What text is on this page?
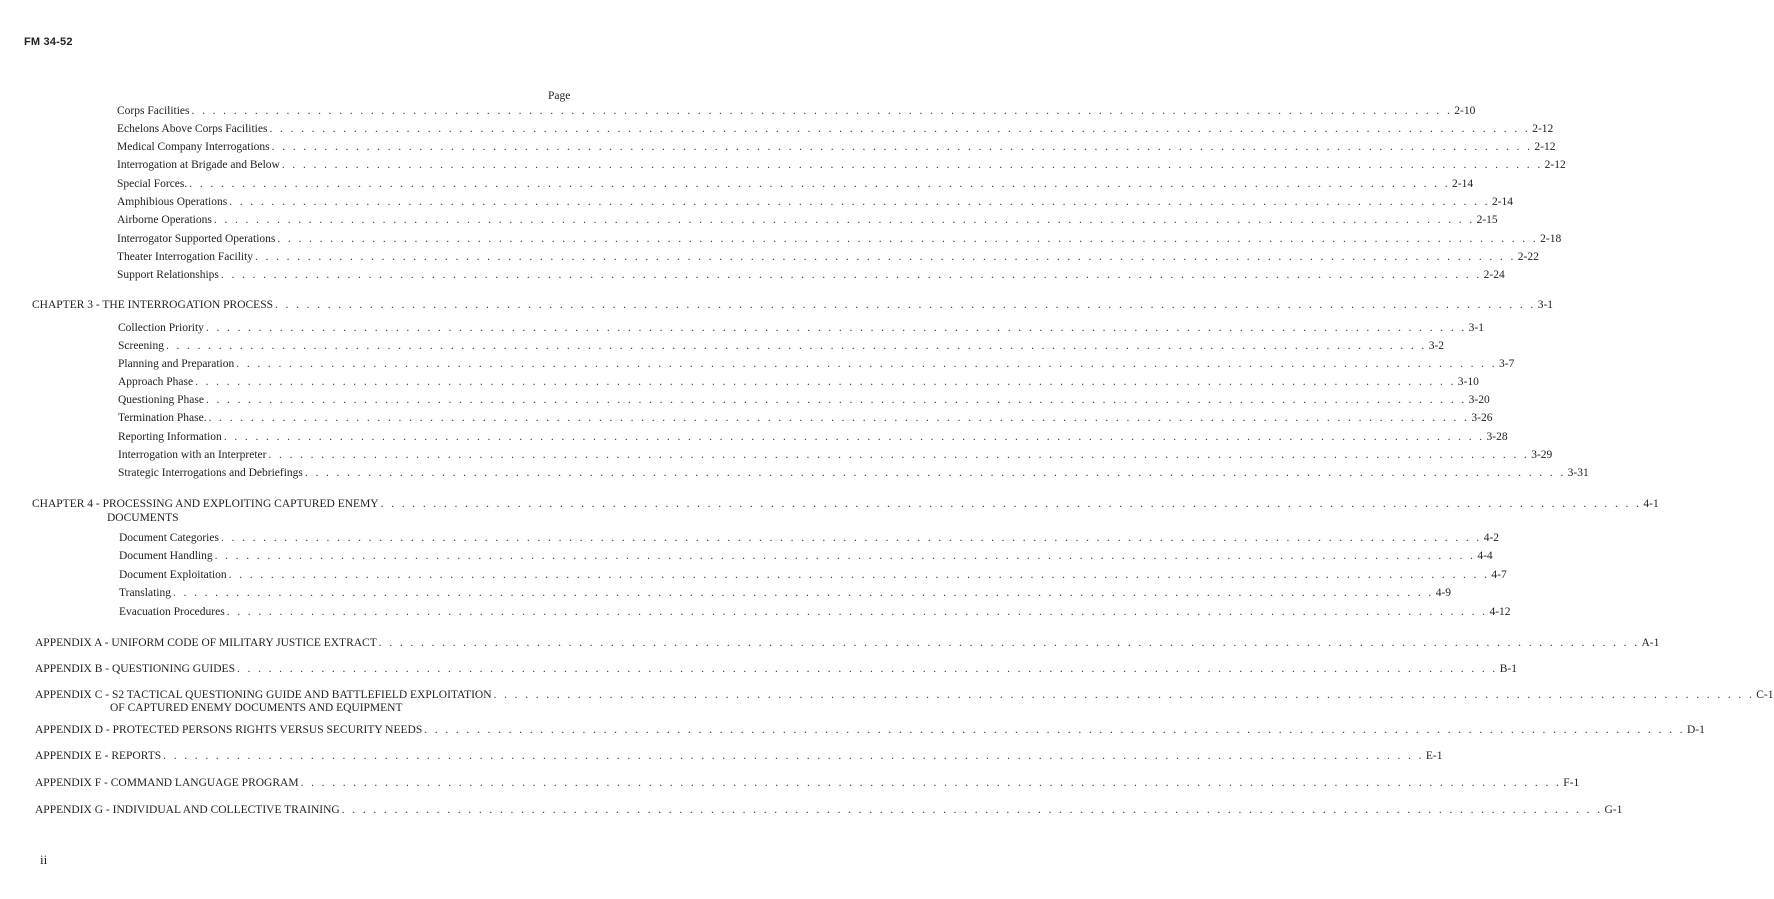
FM 34-52
Page
Corps Facilities . . . . . . . . . . . . . . . . . . . . . . . . . . . . . . . . . . . . . . . . . . . . . . . . . . . . . . . . . . . . . . . . . . . . . . . . . . . . . . . . . . . . . . . . . . . . . . . . . . . . . . . . . . . . . . . . . . . . . . . . 2-10
Echelons Above Corps Facilities . . . . . . . . . . . . . . . . . . . . . . . . . . . . . . . . . . . . . . . . . . . . . . . . . . . . . . . . . . . . . . . . . . . . . . . . . . . . . . . . . . . . . . . . . . . . . . . . . . . . . . . . . . . . . . . . . . . . . . . . 2-12
Medical Company Interrogations . . . . . . . . . . . . . . . . . . . . . . . . . . . . . . . . . . . . . . . . . . . . . . . . . . . . . . . . . . . . . . . . . . . . . . . . . . . . . . . . . . . . . . . . . . . . . . . . . . . . . . . . . . . . . . . . . . . . . . . . 2-12
Interrogation at Brigade and Below . . . . . . . . . . . . . . . . . . . . . . . . . . . . . . . . . . . . . . . . . . . . . . . . . . . . . . . . . . . . . . . . . . . . . . . . . . . . . . . . . . . . . . . . . . . . . . . . . . . . . . . . . . . . . . . . . . . . . . . . 2-12
Special Forces. . . . . . . . . . . . . . . . . . . . . . . . . . . . . . . . . . . . . . . . . . . . . . . . . . . . . . . . . . . . . . . . . . . . . . . . . . . . . . . . . . . . . . . . . . . . . . . . . . . . . . . . . . . . . . . . . . . . . . . . . 2-14
Amphibious Operations . . . . . . . . . . . . . . . . . . . . . . . . . . . . . . . . . . . . . . . . . . . . . . . . . . . . . . . . . . . . . . . . . . . . . . . . . . . . . . . . . . . . . . . . . . . . . . . . . . . . . . . . . . . . . . . . . . . . . . . . 2-14
Airborne Operations . . . . . . . . . . . . . . . . . . . . . . . . . . . . . . . . . . . . . . . . . . . . . . . . . . . . . . . . . . . . . . . . . . . . . . . . . . . . . . . . . . . . . . . . . . . . . . . . . . . . . . . . . . . . . . . . . . . . . . . . 2-15
Interrogator Supported Operations . . . . . . . . . . . . . . . . . . . . . . . . . . . . . . . . . . . . . . . . . . . . . . . . . . . . . . . . . . . . . . . . . . . . . . . . . . . . . . . . . . . . . . . . . . . . . . . . . . . . . . . . . . . . . . . . . . . . . . . . 2-18
Theater Interrogation Facility . . . . . . . . . . . . . . . . . . . . . . . . . . . . . . . . . . . . . . . . . . . . . . . . . . . . . . . . . . . . . . . . . . . . . . . . . . . . . . . . . . . . . . . . . . . . . . . . . . . . . . . . . . . . . . . . . . . . . . . . 2-22
Support Relationships . . . . . . . . . . . . . . . . . . . . . . . . . . . . . . . . . . . . . . . . . . . . . . . . . . . . . . . . . . . . . . . . . . . . . . . . . . . . . . . . . . . . . . . . . . . . . . . . . . . . . . . . . . . . . . . . . . . . . . . . 2-24
CHAPTER 3 - THE INTERROGATION PROCESS . . . . . . . . . . . . . . . . . . . . . . . . . . . . . . . . . . . . . . . . . . . . . . . . . . . . . . . . . . . . . . . . . . . . . . . . . . . . . . . . . . . . . . . . . . . . . . . . . . . . . . . . . . . . . . . . . . . . . . . . 3-1
Collection Priority . . . . . . . . . . . . . . . . . . . . . . . . . . . . . . . . . . . . . . . . . . . . . . . . . . . . . . . . . . . . . . . . . . . . . . . . . . . . . . . . . . . . . . . . . . . . . . . . . . . . . . . . . . . . . . . . . . . . . . . . 3-1
Screening . . . . . . . . . . . . . . . . . . . . . . . . . . . . . . . . . . . . . . . . . . . . . . . . . . . . . . . . . . . . . . . . . . . . . . . . . . . . . . . . . . . . . . . . . . . . . . . . . . . . . . . . . . . . . . . . . . . . . . . . 3-2
Planning and Preparation . . . . . . . . . . . . . . . . . . . . . . . . . . . . . . . . . . . . . . . . . . . . . . . . . . . . . . . . . . . . . . . . . . . . . . . . . . . . . . . . . . . . . . . . . . . . . . . . . . . . . . . . . . . . . . . . . . . . . . . . 3-7
Approach Phase . . . . . . . . . . . . . . . . . . . . . . . . . . . . . . . . . . . . . . . . . . . . . . . . . . . . . . . . . . . . . . . . . . . . . . . . . . . . . . . . . . . . . . . . . . . . . . . . . . . . . . . . . . . . . . . . . . . . . . . . 3-10
Questioning Phase . . . . . . . . . . . . . . . . . . . . . . . . . . . . . . . . . . . . . . . . . . . . . . . . . . . . . . . . . . . . . . . . . . . . . . . . . . . . . . . . . . . . . . . . . . . . . . . . . . . . . . . . . . . . . . . . . . . . . . . . 3-20
Termination Phase. . . . . . . . . . . . . . . . . . . . . . . . . . . . . . . . . . . . . . . . . . . . . . . . . . . . . . . . . . . . . . . . . . . . . . . . . . . . . . . . . . . . . . . . . . . . . . . . . . . . . . . . . . . . . . . . . . . . . . . . . 3-26
Reporting Information . . . . . . . . . . . . . . . . . . . . . . . . . . . . . . . . . . . . . . . . . . . . . . . . . . . . . . . . . . . . . . . . . . . . . . . . . . . . . . . . . . . . . . . . . . . . . . . . . . . . . . . . . . . . . . . . . . . . . . . . 3-28
Interrogation with an Interpreter . . . . . . . . . . . . . . . . . . . . . . . . . . . . . . . . . . . . . . . . . . . . . . . . . . . . . . . . . . . . . . . . . . . . . . . . . . . . . . . . . . . . . . . . . . . . . . . . . . . . . . . . . . . . . . . . . . . . . . . . 3-29
Strategic Interrogations and Debriefings . . . . . . . . . . . . . . . . . . . . . . . . . . . . . . . . . . . . . . . . . . . . . . . . . . . . . . . . . . . . . . . . . . . . . . . . . . . . . . . . . . . . . . . . . . . . . . . . . . . . . . . . . . . . . . . . . . . . . . . . 3-31
CHAPTER 4 - PROCESSING AND EXPLOITING CAPTURED ENEMY . . . . . . . . . . . . . . . . . . . . . . . . . . . . . . . . . . . . . . . . . . . . . . . . . . . . . . . . . . . . . . . . . . . . . . . . . . . . . . . . . . . . . . . . . . . . . . . . . . . . . . . . . . . . . . . . . . . . . . . . 4-1
DOCUMENTS
Document Categories . . . . . . . . . . . . . . . . . . . . . . . . . . . . . . . . . . . . . . . . . . . . . . . . . . . . . . . . . . . . . . . . . . . . . . . . . . . . . . . . . . . . . . . . . . . . . . . . . . . . . . . . . . . . . . . . . . . . . . . . 4-2
Document Handling . . . . . . . . . . . . . . . . . . . . . . . . . . . . . . . . . . . . . . . . . . . . . . . . . . . . . . . . . . . . . . . . . . . . . . . . . . . . . . . . . . . . . . . . . . . . . . . . . . . . . . . . . . . . . . . . . . . . . . . . 4-4
Document Exploitation . . . . . . . . . . . . . . . . . . . . . . . . . . . . . . . . . . . . . . . . . . . . . . . . . . . . . . . . . . . . . . . . . . . . . . . . . . . . . . . . . . . . . . . . . . . . . . . . . . . . . . . . . . . . . . . . . . . . . . . . 4-7
Translating . . . . . . . . . . . . . . . . . . . . . . . . . . . . . . . . . . . . . . . . . . . . . . . . . . . . . . . . . . . . . . . . . . . . . . . . . . . . . . . . . . . . . . . . . . . . . . . . . . . . . . . . . . . . . . . . . . . . . . . . 4-9
Evacuation Procedures . . . . . . . . . . . . . . . . . . . . . . . . . . . . . . . . . . . . . . . . . . . . . . . . . . . . . . . . . . . . . . . . . . . . . . . . . . . . . . . . . . . . . . . . . . . . . . . . . . . . . . . . . . . . . . . . . . . . . . . . 4-12
APPENDIX A - UNIFORM CODE OF MILITARY JUSTICE EXTRACT . . . . . . . . . . . . . . . . . . . . . . . . . . . . . . . . . . . . . . . . . . . . . . . . . . . . . . . . . . . . . . . . . . . . . . . . . . . . . . . . . . . . . . . . . . . . . . . . . . . . . . . . . . . . . . . . . . . . . . . . A-1
APPENDIX B - QUESTIONING GUIDES . . . . . . . . . . . . . . . . . . . . . . . . . . . . . . . . . . . . . . . . . . . . . . . . . . . . . . . . . . . . . . . . . . . . . . . . . . . . . . . . . . . . . . . . . . . . . . . . . . . . . . . . . . . . . . . . . . . . . . . . B-1
APPENDIX C - S2 TACTICAL QUESTIONING GUIDE AND BATTLEFIELD EXPLOITATION . . . . . . . . . . . . . . . . . . . . . . . . . . . . . . . . . . . . . . . . . . . . . . . . . . . . . . . . . . . . . . . . . . . . . . . . . . . . . . . . . . . . . . . . . . . . . . . . . . . . . . . . . . . . . . . . . . . . . . . . C-1
OF CAPTURED ENEMY DOCUMENTS AND EQUIPMENT
APPENDIX D - PROTECTED PERSONS RIGHTS VERSUS SECURITY NEEDS . . . . . . . . . . . . . . . . . . . . . . . . . . . . . . . . . . . . . . . . . . . . . . . . . . . . . . . . . . . . . . . . . . . . . . . . . . . . . . . . . . . . . . . . . . . . . . . . . . . . . . . . . . . . . . . . . . . . . . . . D-1
APPENDIX E - REPORTS . . . . . . . . . . . . . . . . . . . . . . . . . . . . . . . . . . . . . . . . . . . . . . . . . . . . . . . . . . . . . . . . . . . . . . . . . . . . . . . . . . . . . . . . . . . . . . . . . . . . . . . . . . . . . . . . . . . . . . . . E-1
APPENDIX F - COMMAND LANGUAGE PROGRAM . . . . . . . . . . . . . . . . . . . . . . . . . . . . . . . . . . . . . . . . . . . . . . . . . . . . . . . . . . . . . . . . . . . . . . . . . . . . . . . . . . . . . . . . . . . . . . . . . . . . . . . . . . . . . . . . . . . . . . . . F-1
APPENDIX G - INDIVIDUAL AND COLLECTIVE TRAINING . . . . . . . . . . . . . . . . . . . . . . . . . . . . . . . . . . . . . . . . . . . . . . . . . . . . . . . . . . . . . . . . . . . . . . . . . . . . . . . . . . . . . . . . . . . . . . . . . . . . . . . . . . . . . . . . . . . . . . . . G-1
ii
